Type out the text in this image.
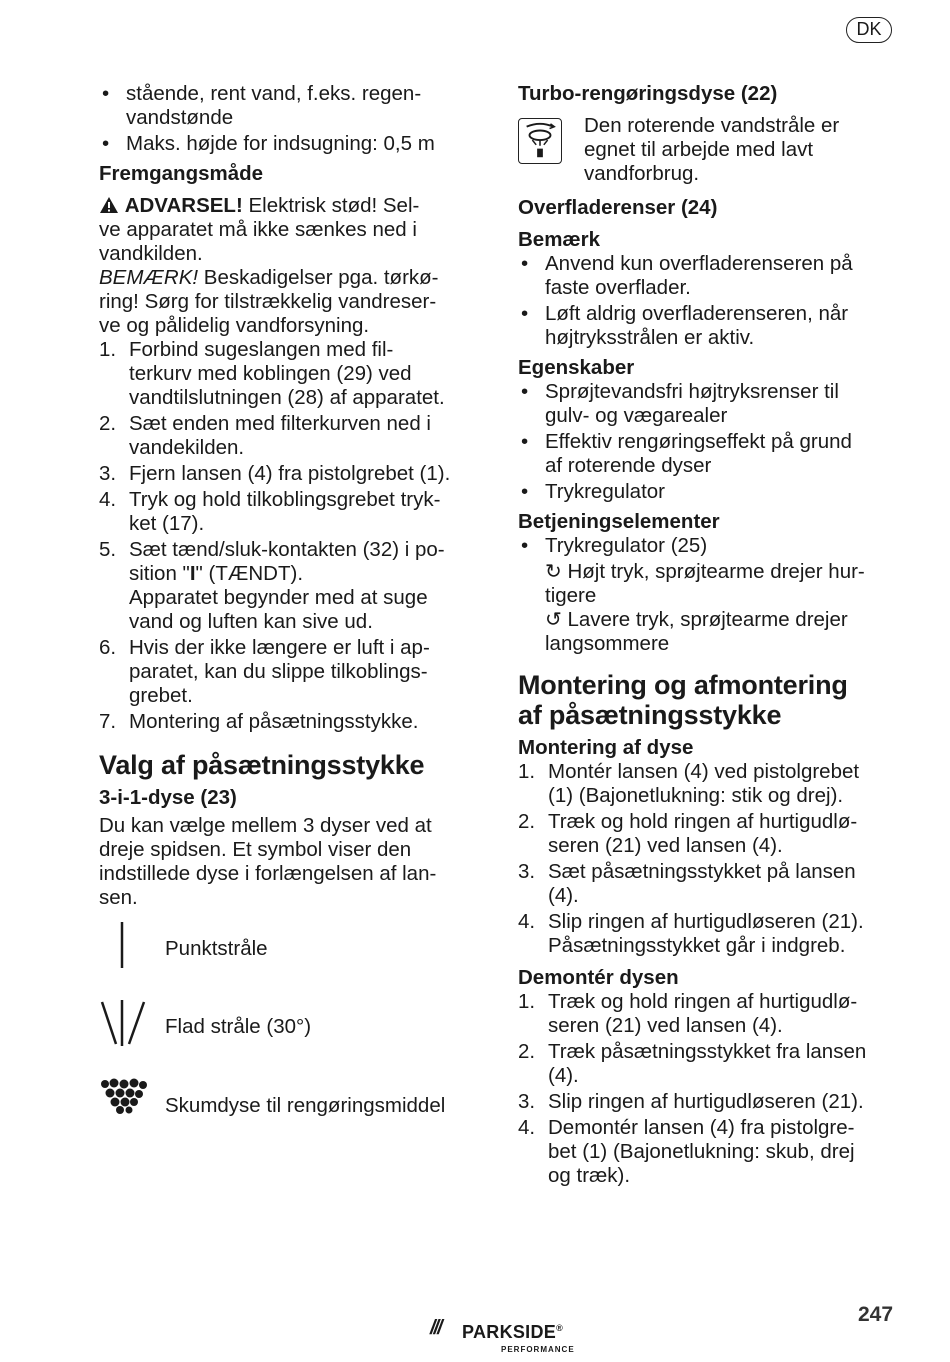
DK
• stående, rent vand, f.eks. regen-
vandstønde
• Maks. højde for indsugning: 0,5 m
Fremgangsmåde

ADVARSEL! Elektrisk stød! Sel-
ve apparatet må ikke sænkes ned i
vandkilden.

BEMÆRK! Beskadigelser pga. tørkø-
ring! Sørg for tilstrækkelig vandreser-
ve og pålidelig vandforsyning.

1. Forbind sugeslangen med fil-
terkurv med koblingen (29) ved
vandtilslutningen (28) af apparatet.
2. Sæt enden med filterkurven ned i
vandekilden.
3. Fjern lansen (4) fra pistolgrebet (1).
4. Tryk og hold tilkoblingsgrebet tryk-
ket (17).
5. Sæt tænd/sluk-kontakten (32) i po-
sition "I" (TÆNDT).
Apparatet begynder med at suge
vand og luften kan sive ud.
6. Hvis der ikke længere er luft i ap-
paratet, kan du slippe tilkoblings-
grebet.
7. Montering af påsætningsstykke.
Valg af påsætningsstykke
3-i-1-dyse (23)
Du kan vælge mellem 3 dyser ved at
dreje spidsen. Et symbol viser den
indstillede dyse i forlængelsen af lan-
sen.
Punktstråle
Flad stråle (30°)
Skumdyse til rengøringsmiddel
Turbo-rengøringsdyse (22)
Den roterende vandstråle er
egnet til arbejde med lavt
vandforbrug.
Overfladerenser (24)
Bemærk
• Anvend kun overfladerenseren på
faste overflader.
• Løft aldrig overfladerenseren, når
højtryksstrålen er aktiv.
Egenskaber
• Sprøjtevandsfri højtryksrenser til
gulv- og vægarealer
• Effektiv rengøringseffekt på grund
af roterende dyser
• Trykregulator
Betjeningselementer
• Trykregulator (25)
↻ Højt tryk, sprøjtearme drejer hur-
tigere
↺ Lavere tryk, sprøjtearme drejer
langsommere
Montering og afmontering
af påsætningsstykke
Montering af dyse
1. Montér lansen (4) ved pistolgrebet
(1) (Bajonetlukning: stik og drej).
2. Træk og hold ringen af hurtigudlø-
seren (21) ved lansen (4).
3. Sæt påsætningsstykket på lansen
(4).
4. Slip ringen af hurtigudløseren (21).
Påsætningsstykket går i indgreb.
Demontér dysen
1. Træk og hold ringen af hurtigudlø-
seren (21) ved lansen (4).
2. Træk påsætningsstykket fra lansen
(4).
3. Slip ringen af hurtigudløseren (21).
4. Demontér lansen (4) fra pistolgre-
bet (1) (Bajonetlukning: skub, drej
og træk).
/// PARKSIDE®
PERFORMANCE
247
